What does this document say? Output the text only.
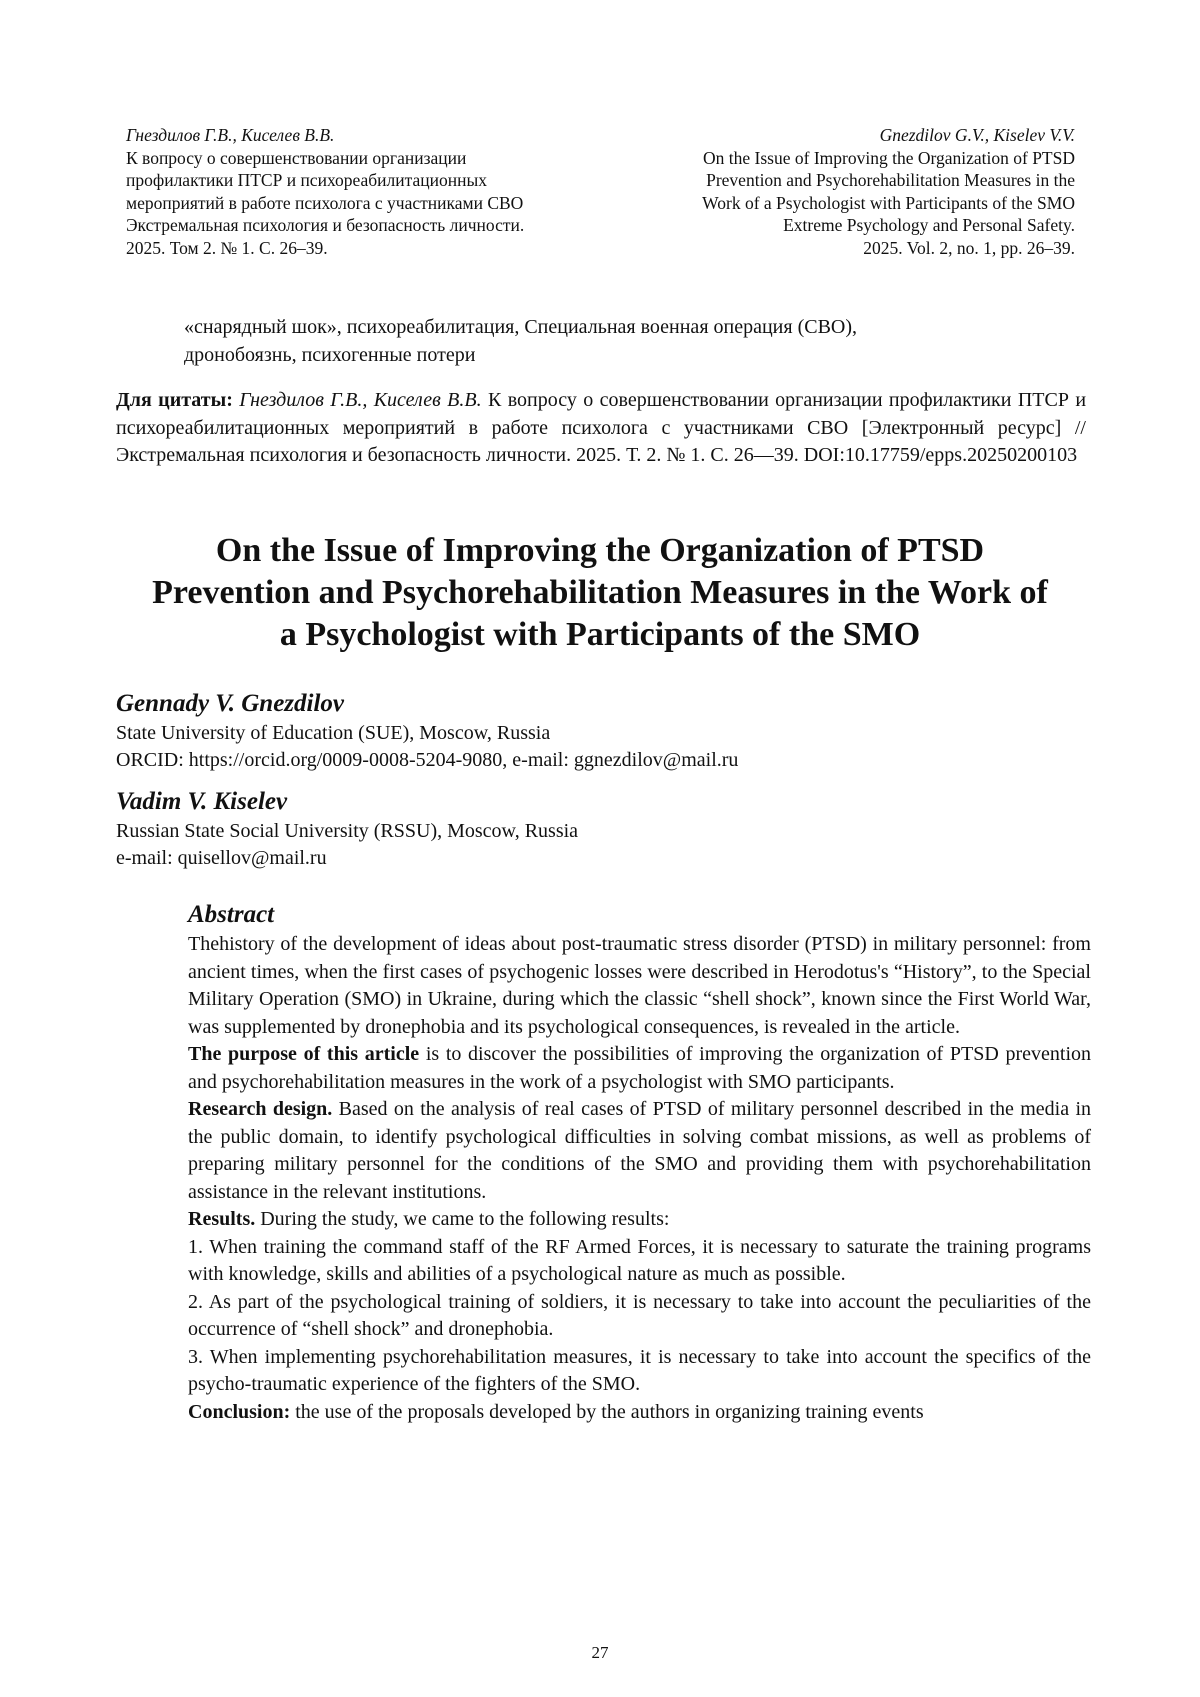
Гнездилов Г.В., Киселев В.В.
К вопросу о совершенствовании организации
профилактики ПТСР и психореабилитационных
мероприятий в работе психолога с участниками СВО
Экстремальная психология и безопасность личности.
2025. Том 2. № 1. С. 26–39.
Gnezdilov G.V., Kiselev V.V.
On the Issue of Improving the Organization of PTSD
Prevention and Psychorehabilitation Measures in the
Work of a Psychologist with Participants of the SMO
Extreme Psychology and Personal Safety.
2025. Vol. 2, no. 1, pp. 26–39.
«снарядный шок», психореабилитация, Специальная военная операция (СВО),
дронобоязнь, психогенные потери
Для цитаты: Гнездилов Г.В., Киселев В.В. К вопросу о совершенствовании организации профилактики ПТСР и психореабилитационных мероприятий в работе психолога с участниками СВО [Электронный ресурс] // Экстремальная психология и безопасность личности. 2025. Т. 2. № 1. С. 26—39. DOI:10.17759/epps.20250200103
On the Issue of Improving the Organization of PTSD
Prevention and Psychorehabilitation Measures in the Work of
a Psychologist with Participants of the SMO
Gennady V. Gnezdilov
State University of Education (SUE), Moscow, Russia
ORCID: https://orcid.org/0009-0008-5204-9080, e-mail: ggnezdilov@mail.ru
Vadim V. Kiselev
Russian State Social University (RSSU), Moscow, Russia
e-mail: quisellov@mail.ru
Abstract
Thehistory of the development of ideas about post-traumatic stress disorder (PTSD) in military personnel: from ancient times, when the first cases of psychogenic losses were described in Herodotus's “History”, to the Special Military Operation (SMO) in Ukraine, during which the classic “shell shock”, known since the First World War, was supplemented by dronephobia and its psychological consequences, is revealed in the article.
The purpose of this article is to discover the possibilities of improving the organization of PTSD prevention and psychorehabilitation measures in the work of a psychologist with SMO participants.
Research design. Based on the analysis of real cases of PTSD of military personnel described in the media in the public domain, to identify psychological difficulties in solving combat missions, as well as problems of preparing military personnel for the conditions of the SMO and providing them with psychorehabilitation assistance in the relevant institutions.
Results. During the study, we came to the following results:
1. When training the command staff of the RF Armed Forces, it is necessary to saturate the training programs with knowledge, skills and abilities of a psychological nature as much as possible.
2. As part of the psychological training of soldiers, it is necessary to take into account the peculiarities of the occurrence of “shell shock” and dronephobia.
3. When implementing psychorehabilitation measures, it is necessary to take into account the specifics of the psycho-traumatic experience of the fighters of the SMO.
Conclusion: the use of the proposals developed by the authors in organizing training events
27
